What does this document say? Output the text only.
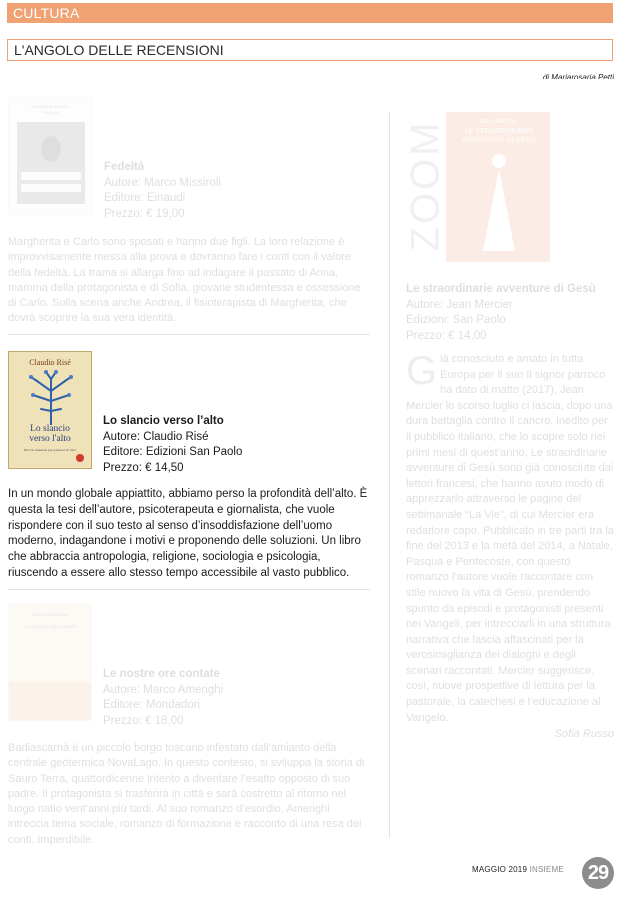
CULTURA
L'ANGOLO DELLE RECENSIONI
di Mariarosaria Petti
ANDREA MISSIROLI
FEDELTÀ
Fedeltà
Autore: Marco Missiroli
Editore: Einaudi
Prezzo: € 19,00
Margherita e Carlo sono sposati e hanno due figli. La loro relazione è improvvisamente messa alla prova e dovranno fare i conti con il valore della fedeltà. La trama si allarga fino ad indagare il passato di Anna, mamma della protagonista e di Sofia, giovane studentessa e ossessione di Carlo. Sulla scena anche Andrea, il fisioterapista di Margherita, che dovrà scoprire la sua vera identità.
Claudio Risé
Lo slancio
verso l'alto
Piccolo manuale per passioni di cielo
Lo slancio verso l’alto
Autore: Claudio Risé
Editore: Edizioni San Paolo
Prezzo: € 14,50
In un mondo globale appiattito, abbiamo perso la profondità dell’alto. È questa la tesi dell’autore, psicoterapeuta e giornalista, che vuole rispondere con il suo testo al senso d’insoddisfazione dell’uomo moderno, indagandone i motivi e proponendo delle soluzioni. Un libro che abbraccia antropologia, religione, sociologia e psicologia, riuscendo a essere allo stesso tempo accessibile al vasto pubblico.
MARCO AMERIGHI
LE NOSTRE ORE CONTATE
Le nostre ore contate
Autore: Marco Amerighi
Editore: Mondadori
Prezzo: € 18,00
Badiascarnà è un piccolo borgo toscano infestato dall’amianto della centrale geotermica NovaLago. In questo contesto, si sviluppa la storia di Sauro Terra, quattordicenne intento a diventare l’esatto opposto di suo padre. Il protagonista si trasferirà in città e sarà costretto al ritorno nel luogo natio vent’anni più tardi. Al suo romanzo d’esordio, Amerighi intreccia tema sociale, romanzo di formazione e racconto di una resa dei conti. Imperdibile.
ZOOM	JEAN MERCIER
LE STRAORDINARIE AVVENTURE DI GESÙ
Le straordinarie avventure di Gesù
Autore: Jean Mercier
Edizioni: San Paolo
Prezzo: € 14,00
G ià conosciuto e amato in tutta Europa per il suo Il signor parroco ha dato di matto (2017), Jean Mercier lo scorso luglio ci lascia, dopo una dura battaglia contro il cancro, inedito per il pubblico italiano, che lo scopre solo nei primi mesi di quest’anno, Le straordinarie avventure di Gesù sono già conosciute dai lettori francesi, che hanno avuto modo di apprezzarlo attraverso le pagine del settimanale “La Vie”, di cui Mercier era redattore capo. Pubblicato in tre parti tra la fine del 2013 e la metà del 2014, a Natale, Pasqua e Pentecoste, con questo romanzo l’autore vuole raccontare con stile nuovo la vita di Gesù, prendendo spunto da episodi e protagonisti presenti nei Vangeli, per intrecciarli in una struttura narrativa che lascia affascinati per la verosimiglianza dei dialoghi e degli scenari raccontati. Mercier suggerisce, così, nuove prospettive di lettura per la pastorale, la catechesi e l’educazione al Vangelo.
Sofia Russo
MAGGIO 2019 INSIEME 29
